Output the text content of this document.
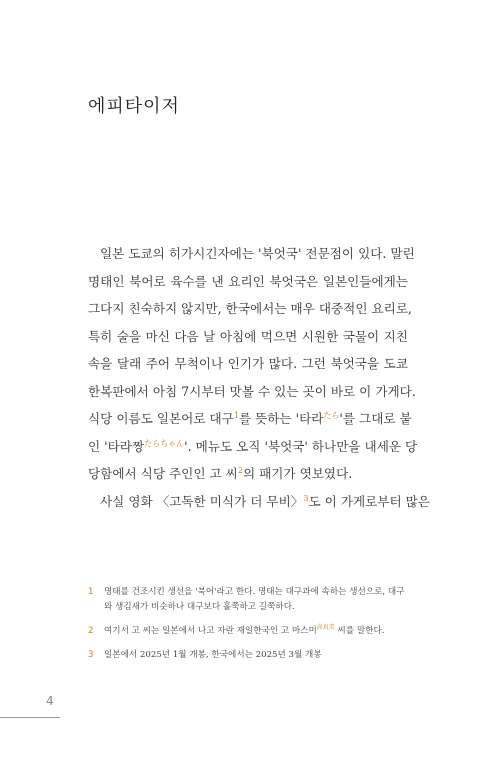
에피타이저
일본 도쿄의 히가시긴자에는 '북엇국' 전문점이 있다. 말린
명태인 북어로 육수를 낸 요리인 북엇국은 일본인들에게는
그다지 친숙하지 않지만, 한국에서는 매우 대중적인 요리로,
특히 술을 마신 다음 날 아침에 먹으면 시원한 국물이 지친
속을 달래 주어 무척이나 인기가 많다. 그런 북엇국을 도쿄
한복판에서 아침 7시부터 맛볼 수 있는 곳이 바로 이 가게다.
식당 이름도 일본어로 대구$^1$를 뜻하는 '타라$^{たら}$'를 그대로 붙
인 '타라짱$^{たらちゃん}$'. 메뉴도 오직 '북엇국' 하나만을 내세운 당
당함에서 식당 주인인 고 씨$^2$의 패기가 엿보였다.
사실 영화 〈고독한 미식가 더 무비〉$^3$도 이 가게로부터 많은
1 명태를 건조시킨 생선을 '북어'라고 한다. 명태는 대구과에 속하는 생선으로, 대구와 생김새가 비슷하나 대구보다 홀쭉하고 길쭉하다.
2 여기서 고 씨는 일본에서 나고 자란 재일한국인 고 마스미$^{高真美}$ 씨를 말한다.
3 일본에서 2025년 1월 개봉, 한국에서는 2025년 3월 개봉
4
